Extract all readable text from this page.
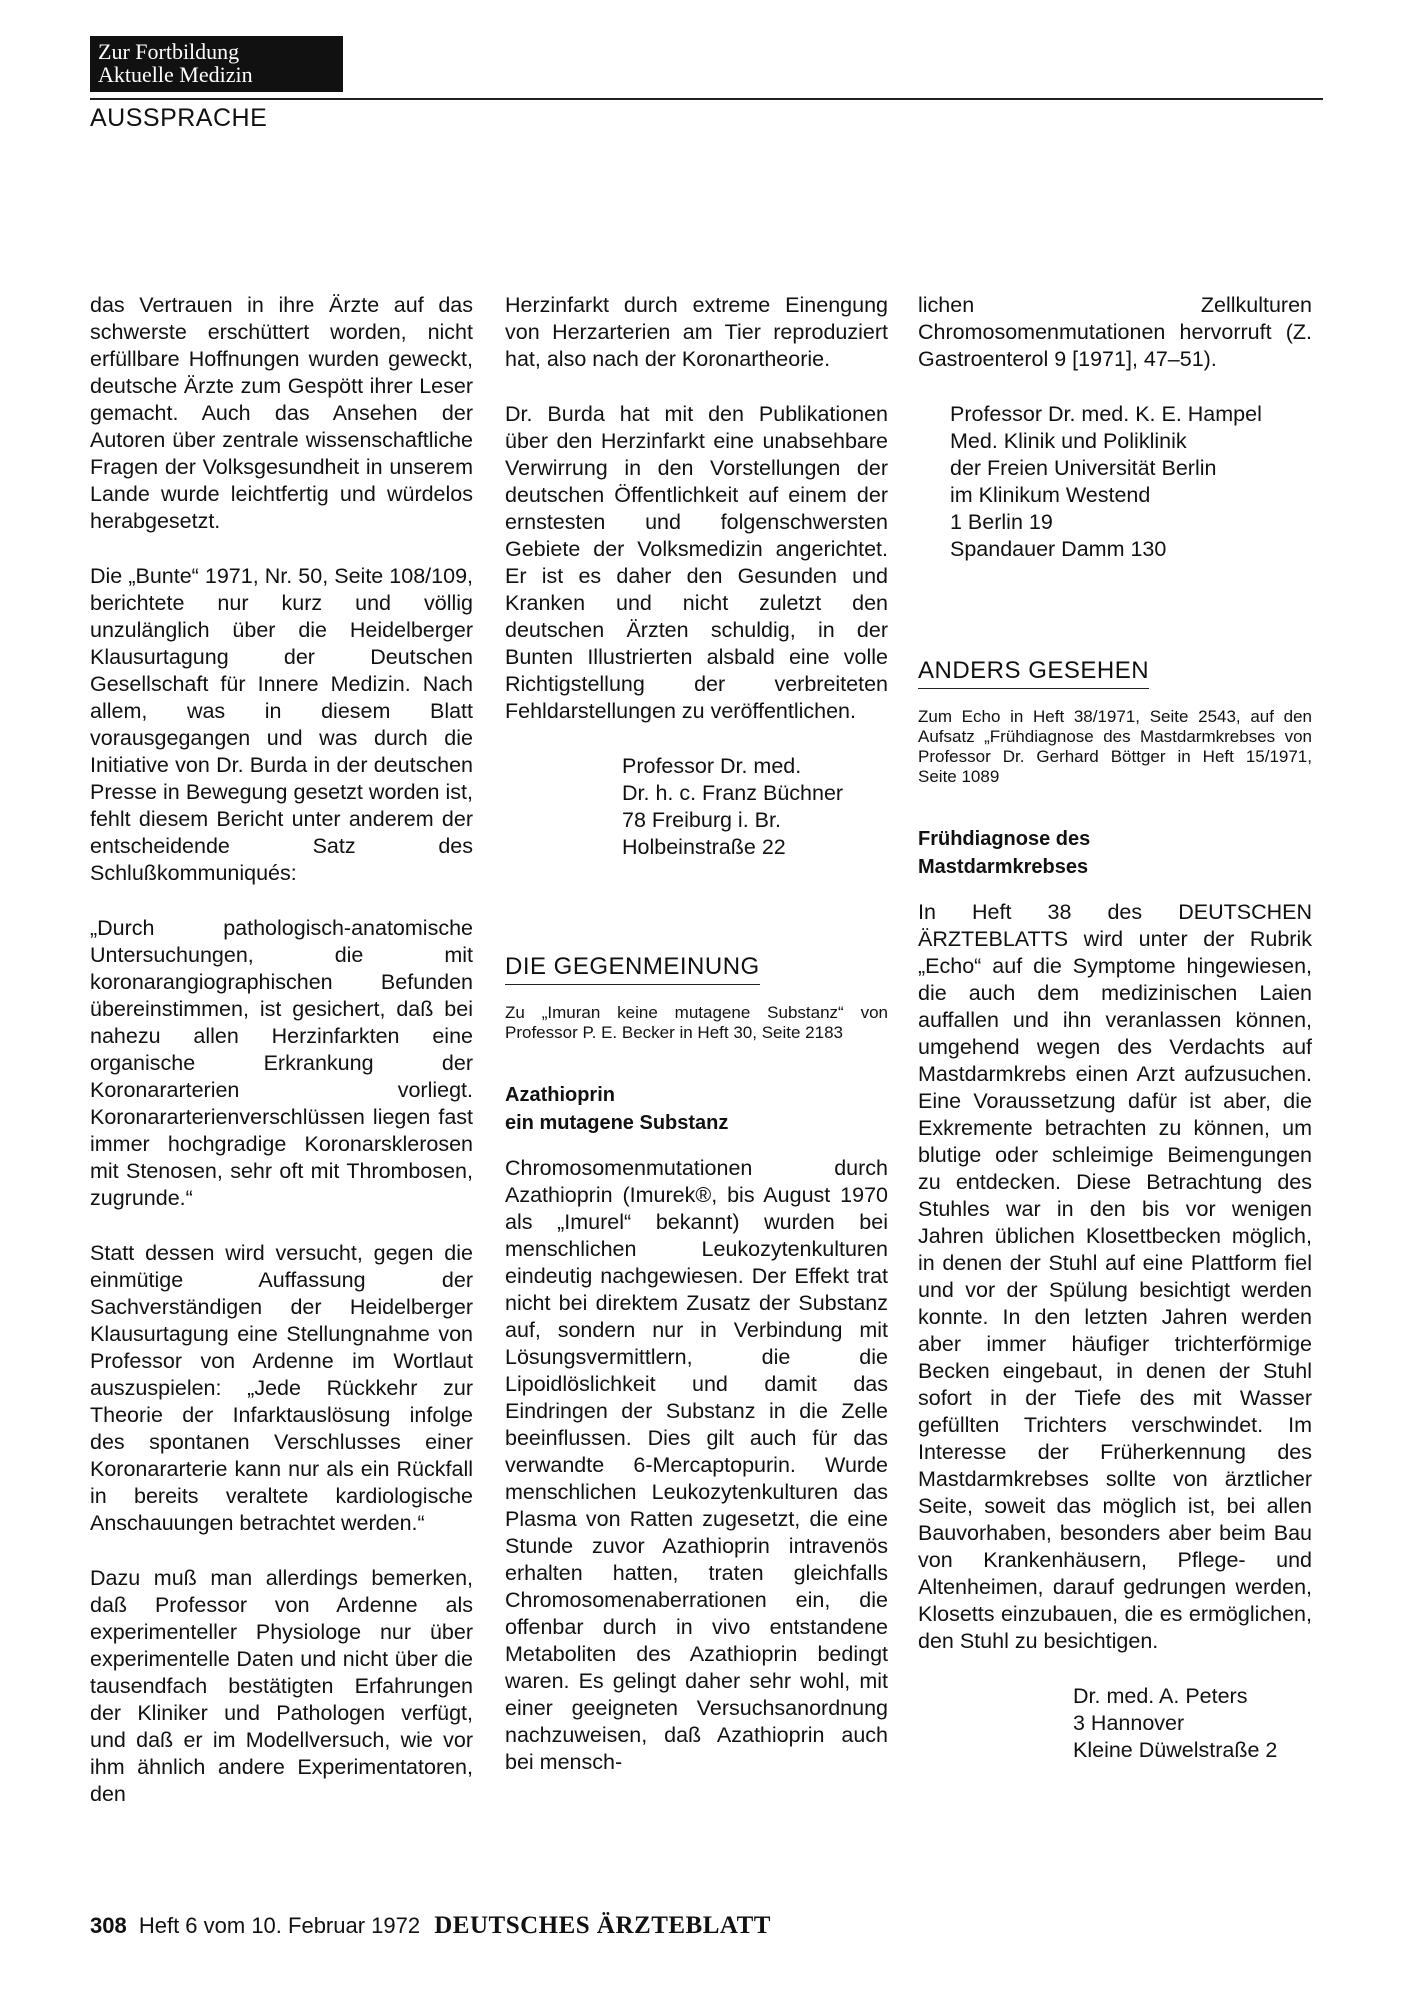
Zur Fortbildung
Aktuelle Medizin
AUSSPRACHE

das Vertrauen in ihre Ärzte auf das schwerste erschüttert worden, nicht erfüllbare Hoffnungen wurden geweckt, deutsche Ärzte zum Gespött ihrer Leser gemacht. Auch das Ansehen der Autoren über zentrale wissenschaftliche Fragen der Volksgesundheit in unserem Lande wurde leichtfertig und würdelos herabgesetzt.

Die „Bunte“ 1971, Nr. 50, Seite 108/109, berichtete nur kurz und völlig unzulänglich über die Heidelberger Klausurtagung der Deutschen Gesellschaft für Innere Medizin. Nach allem, was in diesem Blatt vorausgegangen und was durch die Initiative von Dr. Burda in der deutschen Presse in Bewegung gesetzt worden ist, fehlt diesem Bericht unter anderem der entscheidende Satz des Schlußkommuniqués:

„Durch pathologisch-anatomische Untersuchungen, die mit koronarangiographischen Befunden übereinstimmen, ist gesichert, daß bei nahezu allen Herzinfarkten eine organische Erkrankung der Koronararterien vorliegt. Koronararterienverschlüssen liegen fast immer hochgradige Koronarsklerosen mit Stenosen, sehr oft mit Thrombosen, zugrunde.“

Statt dessen wird versucht, gegen die einmütige Auffassung der Sachverständigen der Heidelberger Klausurtagung eine Stellungnahme von Professor von Ardenne im Wortlaut auszuspielen: „Jede Rückkehr zur Theorie der Infarktauslösung infolge des spontanen Verschlusses einer Koronararterie kann nur als ein Rückfall in bereits veraltete kardiologische Anschauungen betrachtet werden.“

Dazu muß man allerdings bemerken, daß Professor von Ardenne als experimenteller Physiologe nur über experimentelle Daten und nicht über die tausendfach bestätigten Erfahrungen der Kliniker und Pathologen verfügt, und daß er im Modellversuch, wie vor ihm ähnlich andere Experimentatoren, den

Herzinfarkt durch extreme Einengung von Herzarterien am Tier reproduziert hat, also nach der Koronartheorie.

Dr. Burda hat mit den Publikationen über den Herzinfarkt eine unabsehbare Verwirrung in den Vorstellungen der deutschen Öffentlichkeit auf einem der ernstesten und folgenschwersten Gebiete der Volksmedizin angerichtet. Er ist es daher den Gesunden und Kranken und nicht zuletzt den deutschen Ärzten schuldig, in der Bunten Illustrierten alsbald eine volle Richtigstellung der verbreiteten Fehldarstellungen zu veröffentlichen.

Professor Dr. med.
Dr. h. c. Franz Büchner
78 Freiburg i. Br.
Holbeinstraße 22
DIE GEGENMEINUNG

Zu „Imuran keine mutagene Substanz“ von Professor P. E. Becker in Heft 30, Seite 2183

Azathioprin
ein mutagene Substanz

Chromosomenmutationen durch Azathioprin (Imurek®, bis August 1970 als „Imurel“ bekannt) wurden bei menschlichen Leukozytenkulturen eindeutig nachgewiesen. Der Effekt trat nicht bei direktem Zusatz der Substanz auf, sondern nur in Verbindung mit Lösungsvermittlern, die die Lipoidlöslichkeit und damit das Eindringen der Substanz in die Zelle beeinflussen. Dies gilt auch für das verwandte 6-Mercaptopurin. Wurde menschlichen Leukozytenkulturen das Plasma von Ratten zugesetzt, die eine Stunde zuvor Azathioprin intravenös erhalten hatten, traten gleichfalls Chromosomenaberrationen ein, die offenbar durch in vivo entstandene Metaboliten des Azathioprin bedingt waren. Es gelingt daher sehr wohl, mit einer geeigneten Versuchsanordnung nachzuweisen, daß Azathioprin auch bei mensch-

lichen Zellkulturen Chromosomenmutationen hervorruft (Z. Gastroenterol 9 [1971], 47–51).

Professor Dr. med. K. E. Hampel
Med. Klinik und Poliklinik
der Freien Universität Berlin
im Klinikum Westend
1 Berlin 19
Spandauer Damm 130
ANDERS GESEHEN

Zum Echo in Heft 38/1971, Seite 2543, auf den Aufsatz „Frühdiagnose des Mastdarmkrebses von Professor Dr. Gerhard Böttger in Heft 15/1971, Seite 1089

Frühdiagnose des
Mastdarmkrebses

In Heft 38 des DEUTSCHEN ÄRZTEBLATTS wird unter der Rubrik „Echo“ auf die Symptome hingewiesen, die auch dem medizinischen Laien auffallen und ihn veranlassen können, umgehend wegen des Verdachts auf Mastdarmkrebs einen Arzt aufzusuchen. Eine Voraussetzung dafür ist aber, die Exkremente betrachten zu können, um blutige oder schleimige Beimengungen zu entdecken. Diese Betrachtung des Stuhles war in den bis vor wenigen Jahren üblichen Klosettbecken möglich, in denen der Stuhl auf eine Plattform fiel und vor der Spülung besichtigt werden konnte. In den letzten Jahren werden aber immer häufiger trichterförmige Becken eingebaut, in denen der Stuhl sofort in der Tiefe des mit Wasser gefüllten Trichters verschwindet. Im Interesse der Früherkennung des Mastdarmkrebses sollte von ärztlicher Seite, soweit das möglich ist, bei allen Bauvorhaben, besonders aber beim Bau von Krankenhäusern, Pflege- und Altenheimen, darauf gedrungen werden, Klosetts einzubauen, die es ermöglichen, den Stuhl zu besichtigen.

Dr. med. A. Peters
3 Hannover
Kleine Düwelstraße 2
308 Heft 6 vom 10. Februar 1972 DEUTSCHES ÄRZTEBLATT
